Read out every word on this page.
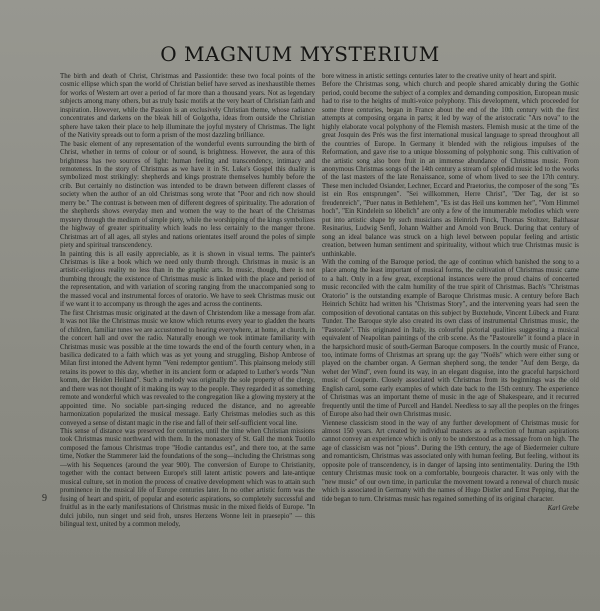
O MAGNUM MYSTERIUM

The birth and death of Christ, Christmas and Passiontide: these two focal points of the cosmic ellipse which span the world of Christian belief have served as inexhaustible themes for works of Western art over a period of far more than a thousand years. Not as legendary subjects among many others, but as truly basic motifs at the very heart of Christian faith and inspiration. However, while the Passion is an exclusively Christian theme, whose radiance concentrates and darkens on the bleak hill of Golgotha, ideas from outside the Christian sphere have taken their place to help illuminate the joyful mystery of Christmas. The light of the Nativity spreads out to form a prism of the most dazzling brilliance.

The basic element of any representation of the wonderful events surrounding the birth of Christ, whether in terms of colour or of sound, is brightness. However, the aura of this brightness has two sources of light: human feeling and transcendency, intimacy and remoteness. In the story of Christmas as we have it in St. Luke's Gospel this duality is symbolized most strikingly: shepherds and kings prostrate themselves humbly before the crib. But certainly no distinction was intended to be drawn between different classes of society when the author of an old Christmas song wrote that "Poor and rich now should merry be." The contrast is between men of different degrees of spirituality. The adoration of the shepherds shows everyday men and women the way to the heart of the Christmas mystery through the medium of simple piety, while the worshipping of the kings symbolizes the highway of greater spirituality which leads no less certainly to the manger throne. Christmas art of all ages, all styles and nations orientates itself around the poles of simple piety and spiritual transcendency.

In painting this is all easily appreciable, as it is shown in visual terms. The painter's Christmas is like a book which we need only thumb through. Christmas in music is an artistic-religious reality no less than in the graphic arts. In music, though, there is not thumbing through; the existence of Christmas music is linked with the place and period of the representation, and with variation of scoring ranging from the unaccompanied song to the massed vocal and instrumental forces of oratorio. We have to seek Christmas music out if we want it to accompany us through the ages and across the continents.

The first Christmas music originated at the dawn of Christendom like a message from afar. It was not like the Christmas music we know which returns every year to gladden the hearts of children, familiar tunes we are accustomed to hearing everywhere, at home, at church, in the concert hall and over the radio. Naturally enough we took intimate familiarity with Christmas music was possible at the time towards the end of the fourth century when, in a basilica dedicated to a faith which was as yet young and struggling, Bishop Ambrose of Milan first intoned the Advent hymn "Veni redemptor gentium". This plainsong melody still retains its power to this day, whether in its ancient form or adapted to Luther's words "Nun komm, der Heiden Heiland". Such a melody was originally the sole property of the clergy, and there was not thought of it making its way to the people. They regarded it as something remote and wonderful which was revealed to the congregation like a glowing mystery at the appointed time. No sociable part-singing reduced the distance, and no agreeable harmonization popularized the musical message. Early Christmas melodies such as this conveyed a sense of distant magic in the rise and fall of their self-sufficient vocal line.

This sense of distance was preserved for centuries, until the time when Christian missions took Christmas music northward with them. In the monastery of St. Gall the monk Tuotilo composed the famous Christmas trope "Hodie cantandus est", and there too, at the same time, Notker the Stammerer laid the foundations of the song—including the Christmas song—with his Sequences (around the year 900). The conversion of Europe to Christianity, together with the contact between Europe's still latent artistic powers and late-antique musical culture, set in motion the process of creative development which was to attain such prominence in the musical life of Europe centuries later. In no other artistic form was the fusing of heart and spirit, of popular and esoteric aspirations, so completely successful and fruitful as in the early manifestations of Christmas music in the mixed fields of Europe. "In dulci jubilo, nun singet und seid froh, unsres Herzens Wonne leit in praesepio" — this bilingual text, united by a common melody,

bore witness in artistic settings centuries later to the creative unity of heart and spirit.

Before the Christmas song, which church and people shared amicably during the Gothic period, could become the subject of a complex and demanding composition, European music had to rise to the heights of multi-voice polyphony. This development, which proceeded for some three centuries, began in France about the end of the 10th century with the first attempts at composing organa in parts; it led by way of the aristocratic "Ars nova" to the highly elaborate vocal polyphony of the Flemish masters. Flemish music at the time of the great Josquin des Prés was the first international musical language to spread throughout all the countries of Europe. In Germany it blended with the religious impulses of the Reformation, and gave rise to a unique blossoming of polyphonic song. This cultivation of the artistic song also bore fruit in an immense abundance of Christmas music. From anonymous Christmas songs of the 14th century a stream of splendid music led to the works of the last masters of the late Renaissance, some of whom lived to see the 17th century. These men included Osiander, Lechner, Eccard and Praetorius, the composer of the song "Es ist ein Ros entsprungen". "Sei willkommen, Herre Christ", "Der Tag, der ist so freudenreich", "Puer natus in Bethlehem", "Es ist das Heil uns kommen her", "Vom Himmel hoch", "Ein Kindelein so löbelich" are only a few of the innumerable melodies which were put into artistic shape by such musicians as Heinrich Finck, Thomas Stoltzer, Balthasar Resinarius, Ludwig Senfl, Johann Walther and Arnold von Bruck. During that century of song an ideal balance was struck on a high level between popular feeling and artistic creation, between human sentiment and spirituality, without which true Christmas music is unthinkable.

With the coming of the Baroque period, the age of continuo which banished the song to a place among the least important of musical forms, the cultivation of Christmas music came to a halt. Only in a few great, exceptional instances were the proud chains of concerted music reconciled with the calm humility of the true spirit of Christmas. Bach's "Christmas Oratorio" is the outstanding example of Baroque Christmas music. A century before Bach Heinrich Schütz had written his "Christmas Story", and the intervening years had seen the composition of devotional cantatas on this subject by Buxtehude, Vincent Lübeck and Franz Tunder. The Baroque style also created its own class of instrumental Christmas music, the "Pastorale". This originated in Italy, its colourful pictorial qualities suggesting a musical equivalent of Neapolitan paintings of the crib scene. As the "Pastourelle" it found a place in the harpsichord music of south-German Baroque composers. In the courtly music of France, too, intimate forms of Christmas art sprang up: the gay "Noëls" which were either sung or played on the chamber organ. A German shepherd song, the tender "Auf dem Berge, da wehet der Wind", even found its way, in an elegant disguise, into the graceful harpsichord music of Couperin. Closely associated with Christmas from its beginnings was the old English carol, some early examples of which date back to the 15th century. The experience of Christmas was an important theme of music in the age of Shakespeare, and it recurred frequently until the time of Purcell and Handel. Needless to say all the peoples on the fringes of Europe also had their own Christmas music.

Viennese classicism stood in the way of any further development of Christmas music for almost 150 years. Art created by individual masters as a reflection of human aspirations cannot convey an experience which is only to be understood as a message from on high. The age of classicism was not "pious". During the 19th century, the age of Biedermeier culture and romanticism, Christmas was associated only with human feeling. But feeling, without its opposite pole of transcendency, is in danger of lapsing into sentimentality. During the 19th century Christmas music took on a comfortable, bourgeois character. It was only with the "new music" of our own time, in particular the movement toward a renewal of church music which is associated in Germany with the names of Hugo Distler and Ernst Pepping, that the tide began to turn. Christmas music has regained something of its original character.

Karl Grebe

9
